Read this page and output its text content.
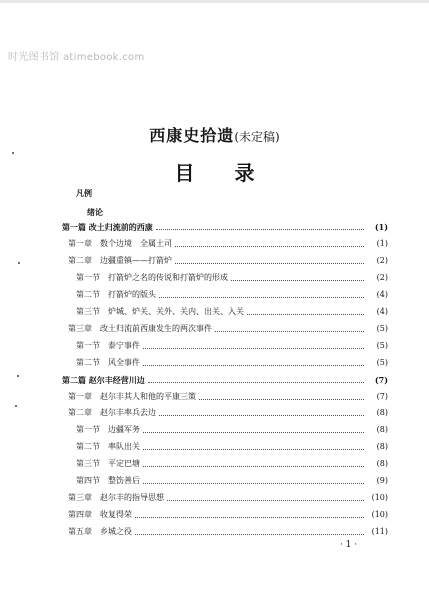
时光图书馆 atimebook.com
西康史拾遗(未定稿)
目录
凡例
绪论
第一篇 改土归流前的西康	(1)
第一章　 数个边境　全属土司	(1)
第二章　 边疆重镇——打箭炉	(2)
第一节　 打箭炉之名的传说和打箭炉的形成	(2)
第二节　 打箭炉的版头	(4)
第三节　 炉城、炉关、关外、关内、出关、入关	(4)
第三章　 改土归流前西康发生的两次事件	(5)
第一节　 泰宁事件	(5)
第二节　 风全事件	(5)
第二篇 赵尔丰经营川边	(7)
第一章　 赵尔丰其人和他的平康三策	(7)
第二章　 赵尔丰率兵去边	(8)
第一节　 边疆军务	(8)
第二节　 率队出关	(8)
第三节　 平定巴塘	(8)
第四节　 整饬善后	(9)
第三章　 赵尔丰的指导思想	(10)
第四章　 收复得荣	(10)
第五章　 乡城之役	(11)
· 1 ·
